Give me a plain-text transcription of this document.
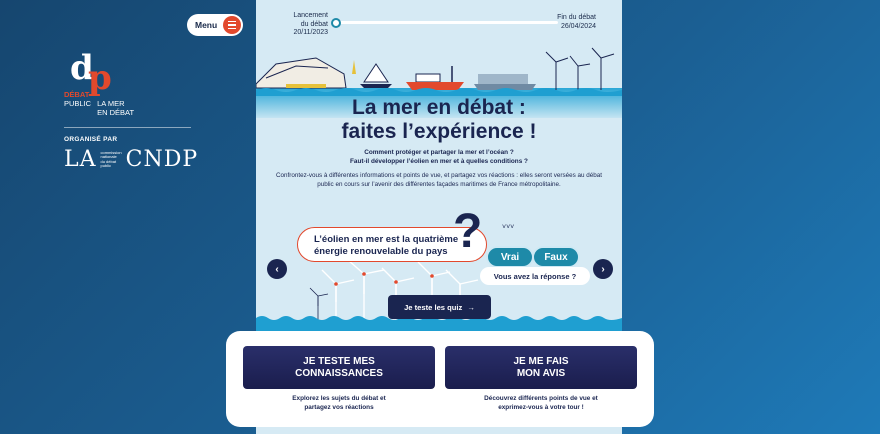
d
p
DÉBAT
PUBLIC LA MER
EN DÉBAT
ORGANISÉ PAR
LA commission nationale du débat public CNDP
Menu
Lancement du débat
20/11/2023
Fin du débat
26/04/2024
La mer en débat :
faites l’expérience !
Comment protéger et partager la mer et l’océan ?
Faut-il développer l’éolien en mer et à quelles conditions ?
Confrontez-vous à différentes informations et points de vue, et partagez vos réactions : elles seront versées au débat public en cours sur l’avenir des différentes façades maritimes de France métropolitaine.
L’éolien en mer est la quatrième énergie renouvelable du pays ?	˅˅˅
Vrai	Faux
Vous avez la réponse ?
Je teste les quiz →
‹	›
JE TESTE MES CONNAISSANCES
Explorez les sujets du débat et partagez vos réactions
JE ME FAIS MON AVIS
Découvrez différents points de vue et exprimez-vous à votre tour !
